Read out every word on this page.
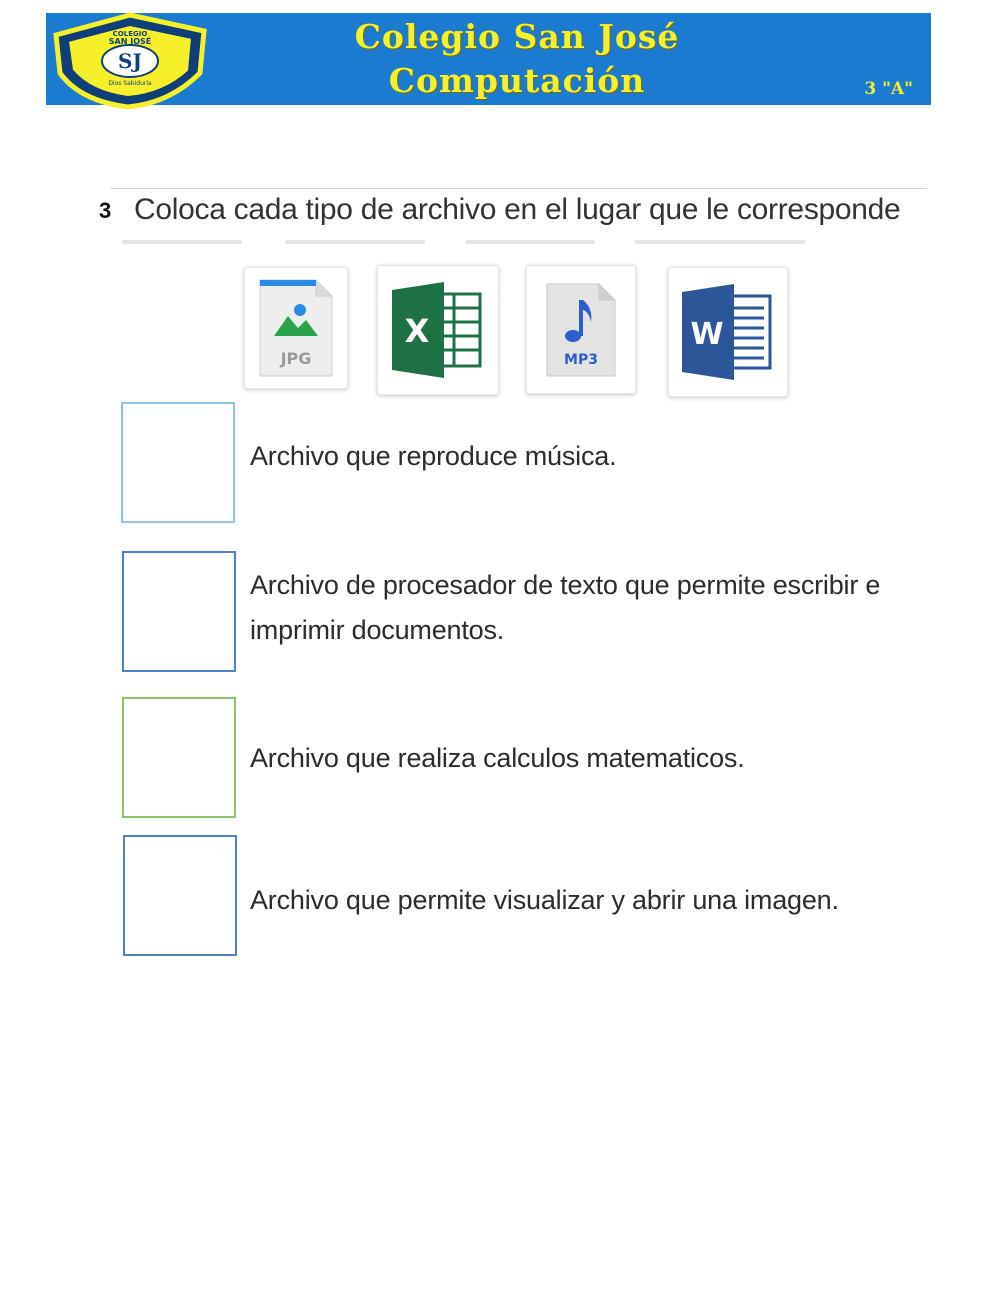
COLEGIO
SAN JOSÉ
SJ
Dios Sabiduría
Colegio San José
Computación	3 "A"
3 Coloca cada tipo de archivo en el lugar que le corresponde
JPG
X
MP3
W
Archivo que reproduce música.
Archivo de procesador de texto que permite escribir e imprimir documentos.
Archivo que realiza calculos matematicos.
Archivo que permite visualizar y abrir una imagen.
